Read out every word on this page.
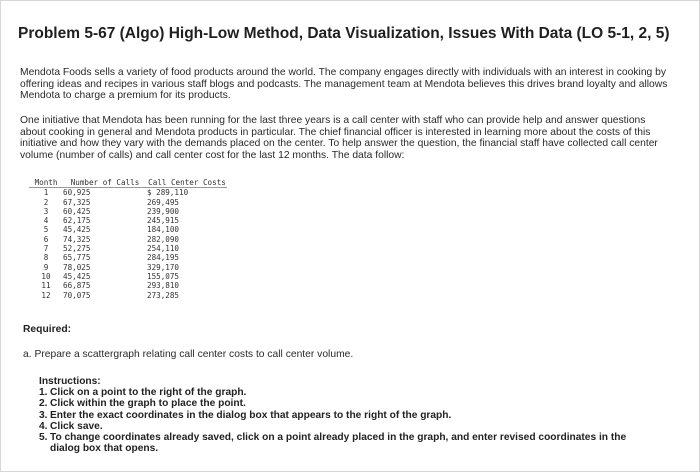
Problem 5-67 (Algo) High-Low Method, Data Visualization, Issues With Data (LO 5-1, 2, 5)
Mendota Foods sells a variety of food products around the world. The company engages directly with individuals with an interest in cooking by offering ideas and recipes in various staff blogs and podcasts. The management team at Mendota believes this drives brand loyalty and allows Mendota to charge a premium for its products.
One initiative that Mendota has been running for the last three years is a call center with staff who can provide help and answer questions about cooking in general and Mendota products in particular. The chief financial officer is interested in learning more about the costs of this initiative and how they vary with the demands placed on the center. To help answer the question, the financial staff have collected call center volume (number of calls) and call center cost for the last 12 months. The data follow:
Month	Number of Calls	Call Center Costs
1	60,925	$ 289,110
2	67,325	269,495
3	60,425	239,900
4	62,175	245,915
5	45,425	184,100
6	74,325	282,090
7	52,275	254,110
8	65,775	284,195
9	78,025	329,170
10	45,425	155,075
11	66,875	293,810
12	70,075	273,285
Required:
a. Prepare a scattergraph relating call center costs to call center volume.
Instructions:
1. Click on a point to the right of the graph.
2. Click within the graph to place the point.
3. Enter the exact coordinates in the dialog box that appears to the right of the graph.
4. Click save.
5. To change coordinates already saved, click on a point already placed in the graph, and enter revised coordinates in the
dialog box that opens.
